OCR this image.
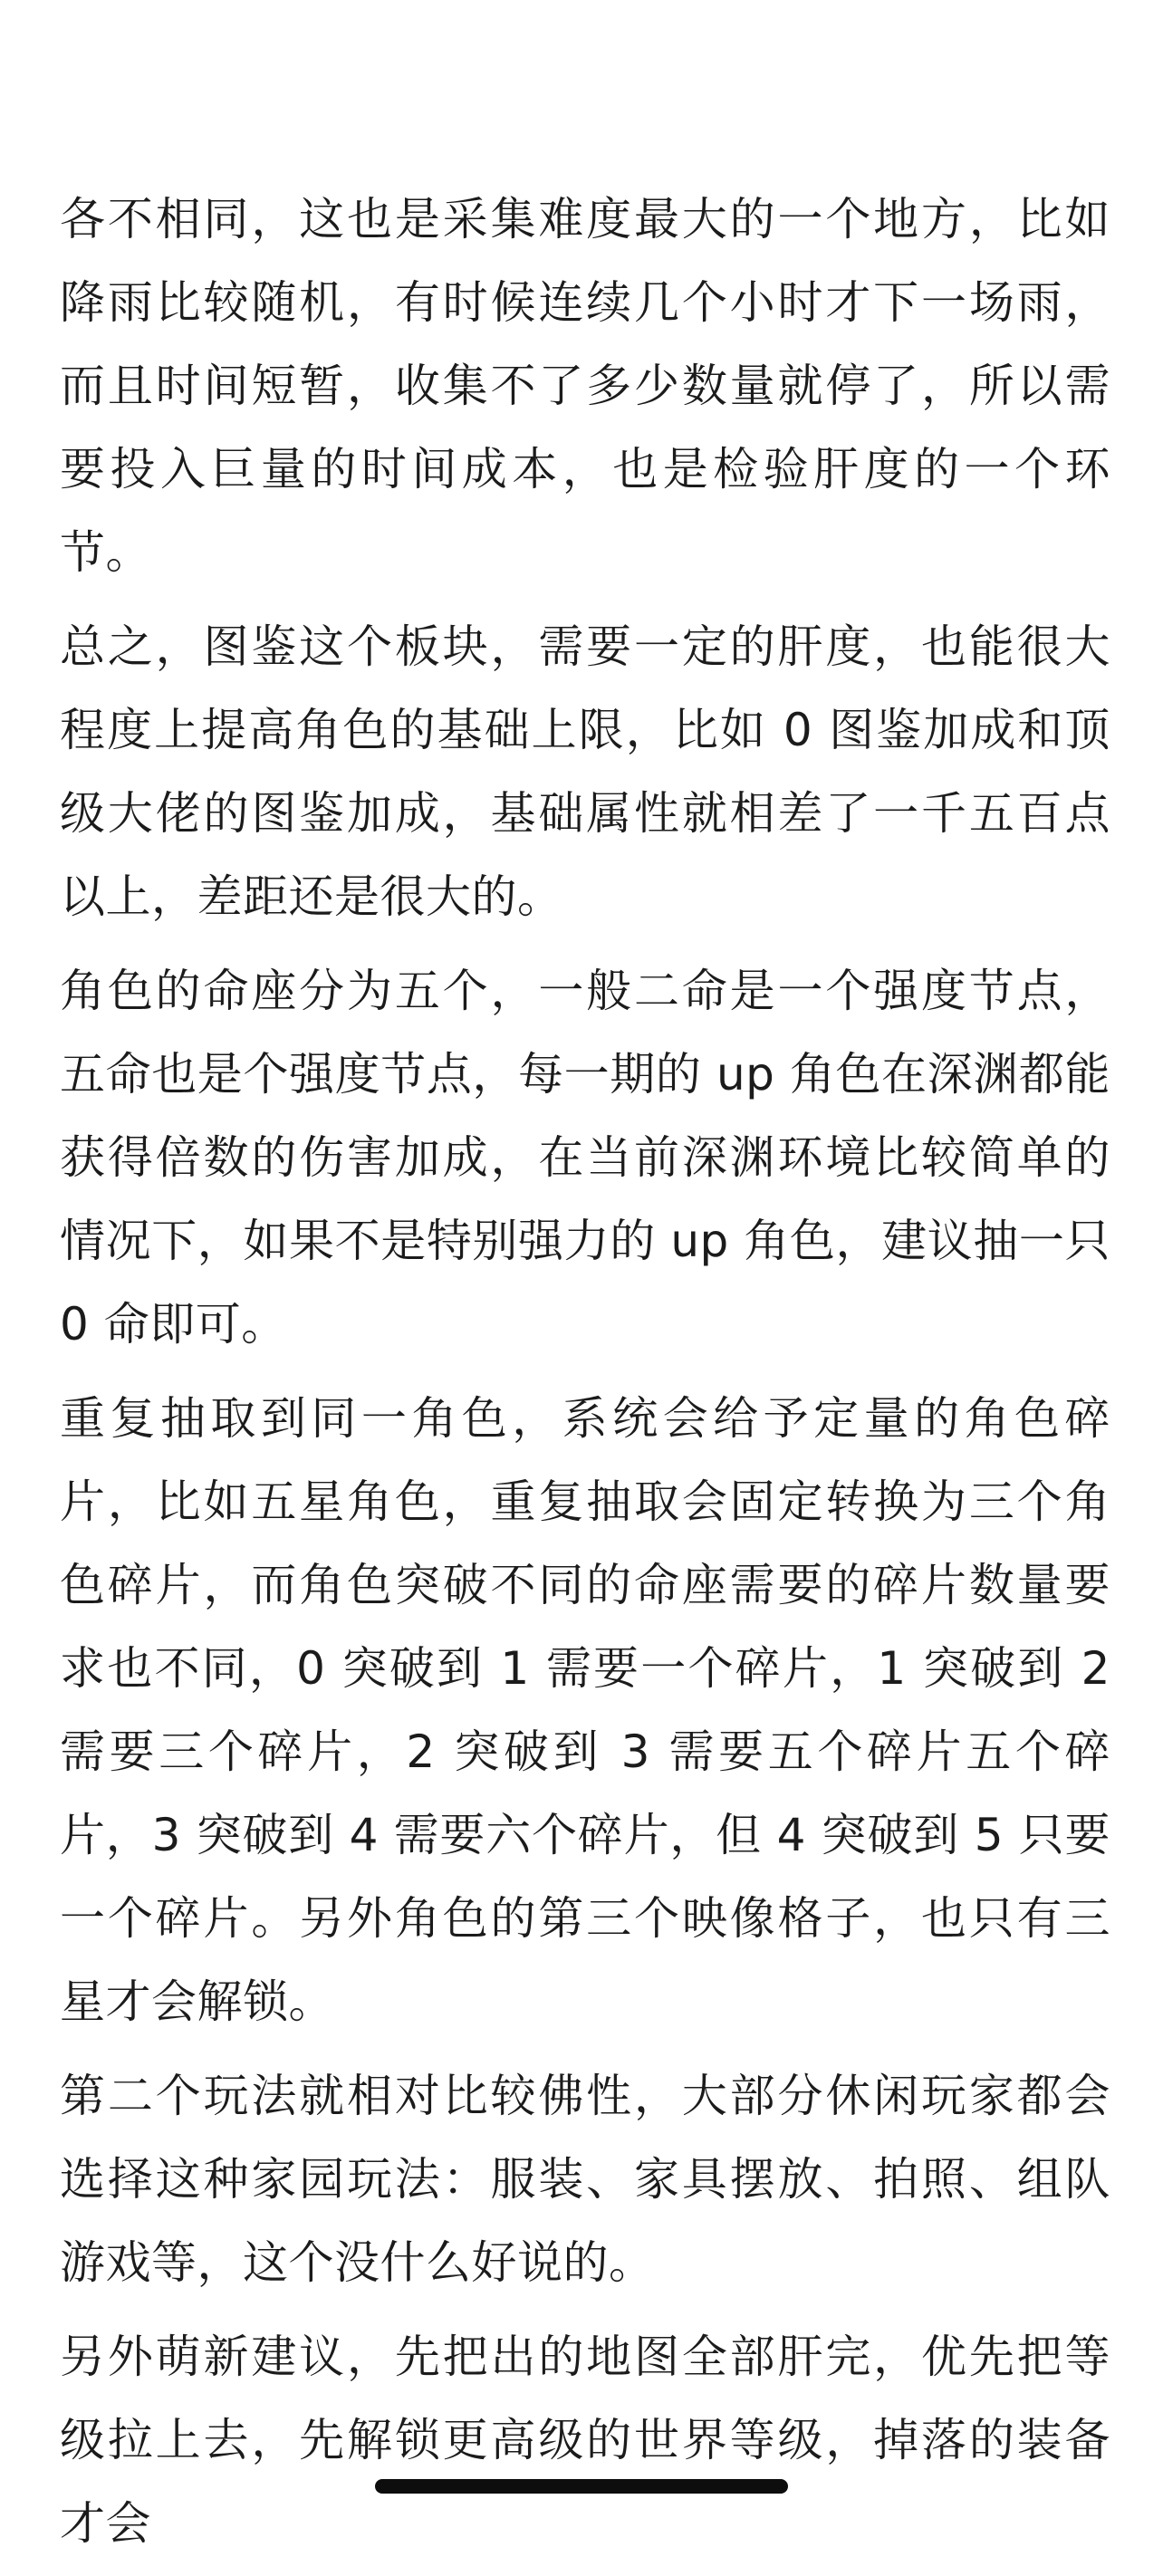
各不相同，这也是采集难度最大的一个地方，比如降雨比较随机，有时候连续几个小时才下一场雨，而且时间短暂，收集不了多少数量就停了，所以需要投入巨量的时间成本，也是检验肝度的一个环节。

总之，图鉴这个板块，需要一定的肝度，也能很大程度上提高角色的基础上限，比如 0 图鉴加成和顶级大佬的图鉴加成，基础属性就相差了一千五百点以上，差距还是很大的。

角色的命座分为五个，一般二命是一个强度节点，五命也是个强度节点，每一期的 up 角色在深渊都能获得倍数的伤害加成，在当前深渊环境比较简单的情况下，如果不是特别强力的 up 角色，建议抽一只 0 命即可。

重复抽取到同一角色，系统会给予定量的角色碎片，比如五星角色，重复抽取会固定转换为三个角色碎片，而角色突破不同的命座需要的碎片数量要求也不同，0 突破到 1 需要一个碎片，1 突破到 2 需要三个碎片，2 突破到 3 需要五个碎片五个碎片，3 突破到 4 需要六个碎片，但 4 突破到 5 只要一个碎片。另外角色的第三个映像格子，也只有三星才会解锁。

第二个玩法就相对比较佛性，大部分休闲玩家都会选择这种家园玩法：服装、家具摆放、拍照、组队游戏等，这个没什么好说的。

另外萌新建议，先把出的地图全部肝完，优先把等级拉上去，先解锁更高级的世界等级，掉落的装备才会
